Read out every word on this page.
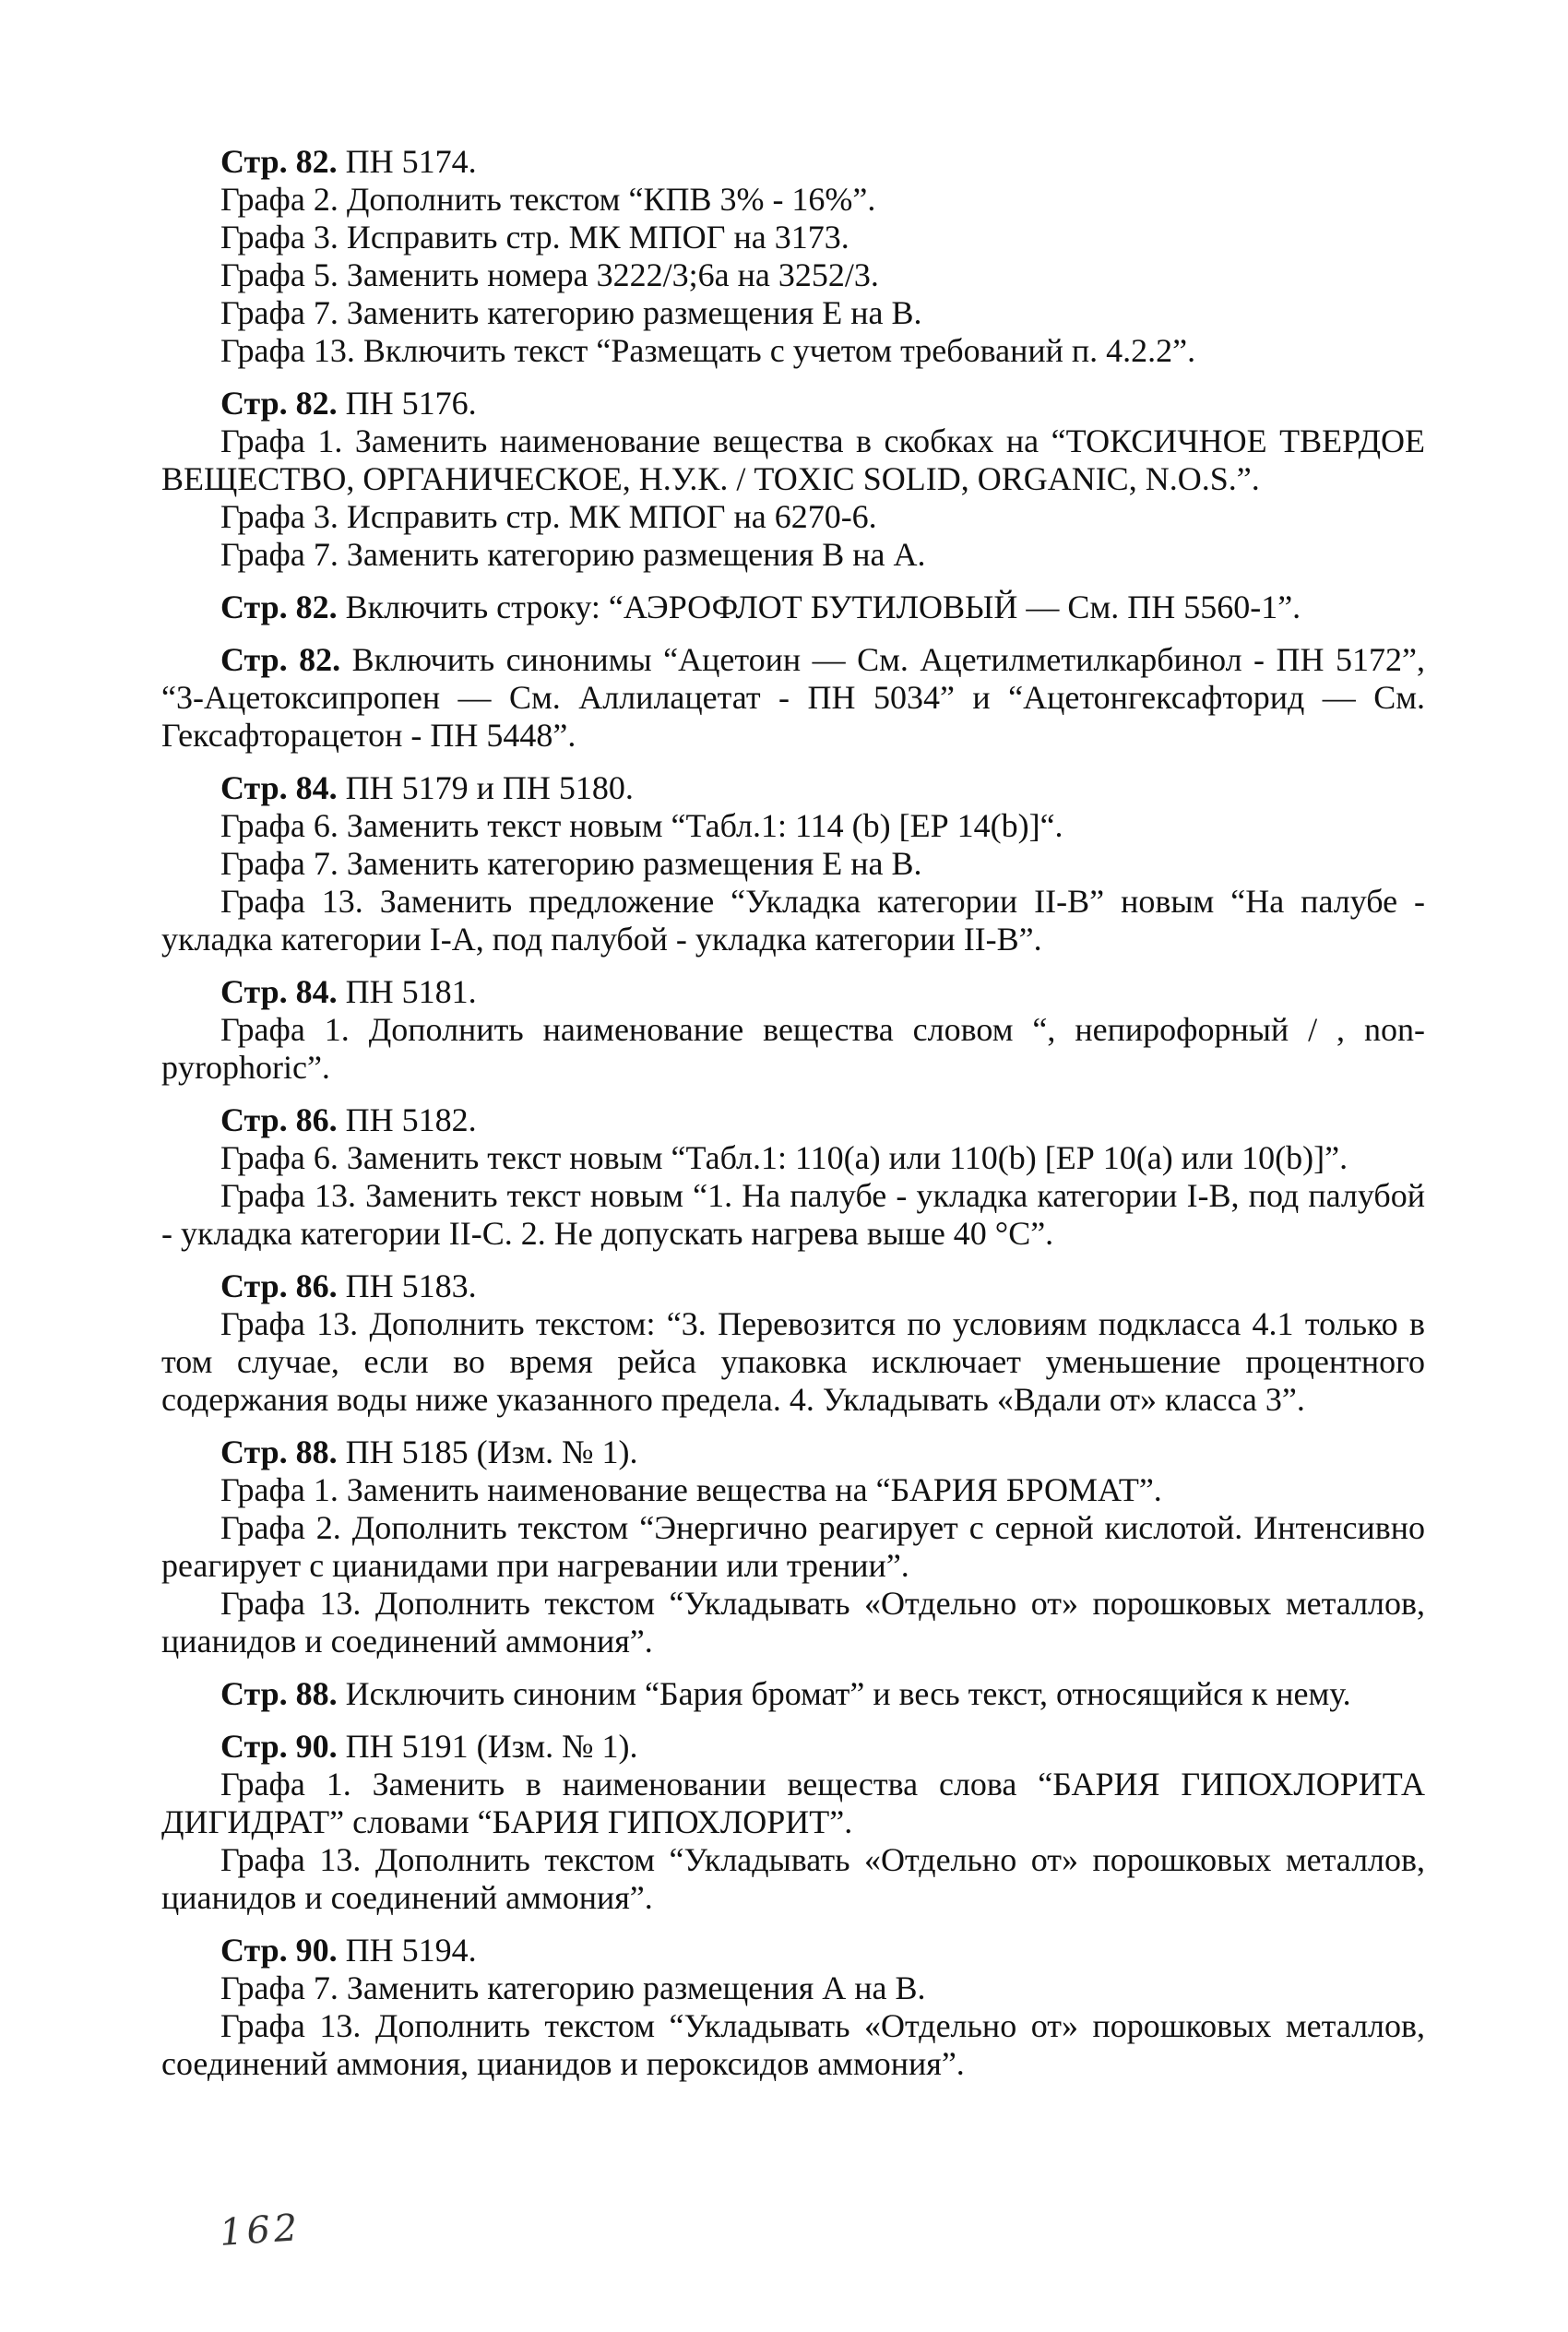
Стр. 82. ПН 5174.

Графа 2. Дополнить текстом “КПВ 3% - 16%”.

Графа 3. Исправить стр. МК МПОГ на 3173.

Графа 5. Заменить номера 3222/3;6а на 3252/3.

Графа 7. Заменить категорию размещения Е на В.

Графа 13. Включить текст “Размещать с учетом требований п. 4.2.2”.

Стр. 82. ПН 5176.

Графа 1. Заменить наименование вещества в скобках на “ТОКСИЧНОЕ ТВЕРДОЕ ВЕЩЕСТВО, ОРГАНИЧЕСКОЕ, Н.У.К. / TOXIC SOLID, ORGANIC, N.O.S.”.

Графа 3. Исправить стр. МК МПОГ на 6270-6.

Графа 7. Заменить категорию размещения В на А.

Стр. 82. Включить строку: “АЭРОФЛОТ БУТИЛОВЫЙ — См. ПН 5560-1”.

Стр. 82. Включить синонимы “Ацетоин — См. Ацетилметилкарбинол - ПН 5172”, “3-Ацетоксипропен — См. Аллилацетат - ПН 5034” и “Ацетонгексафторид — См. Гексафторацетон - ПН 5448”.

Стр. 84. ПН 5179 и ПН 5180.

Графа 6. Заменить текст новым “Табл.1: 114 (b) [ЕР 14(b)]“.

Графа 7. Заменить категорию размещения Е на В.

Графа 13. Заменить предложение “Укладка категории II-В” новым “На палубе - укладка категории I-А, под палубой - укладка категории II-В”.

Стр. 84. ПН 5181.

Графа 1. Дополнить наименование вещества словом “, непирофорный / , non-pyrophoric”.

Стр. 86. ПН 5182.

Графа 6. Заменить текст новым “Табл.1: 110(a) или 110(b) [ЕР 10(a) или 10(b)]”.

Графа 13. Заменить текст новым “1. На палубе - укладка категории I-В, под палубой - укладка категории II-С. 2. Не допускать нагрева выше 40 °С”.

Стр. 86. ПН 5183.

Графа 13. Дополнить текстом: “3. Перевозится по условиям подкласса 4.1 только в том случае, если во время рейса упаковка исключает уменьшение процентного содержания воды ниже указанного предела. 4. Укладывать «Вдали от» класса 3”.

Стр. 88. ПН 5185 (Изм. № 1).

Графа 1. Заменить наименование вещества на “БАРИЯ БРОМАТ”.

Графа 2. Дополнить текстом “Энергично реагирует с серной кислотой. Интенсивно реагирует с цианидами при нагревании или трении”.

Графа 13. Дополнить текстом “Укладывать «Отдельно от» порошковых металлов, цианидов и соединений аммония”.

Стр. 88. Исключить синоним “Бария бромат” и весь текст, относящийся к нему.

Стр. 90. ПН 5191 (Изм. № 1).

Графа 1. Заменить в наименовании вещества слова “БАРИЯ ГИПОХЛОРИТА ДИГИДРАТ” словами “БАРИЯ ГИПОХЛОРИТ”.

Графа 13. Дополнить текстом “Укладывать «Отдельно от» порошковых металлов, цианидов и соединений аммония”.

Стр. 90. ПН 5194.

Графа 7. Заменить категорию размещения А на В.

Графа 13. Дополнить текстом “Укладывать «Отдельно от» порошковых металлов, соединений аммония, цианидов и пероксидов аммония”.

162
